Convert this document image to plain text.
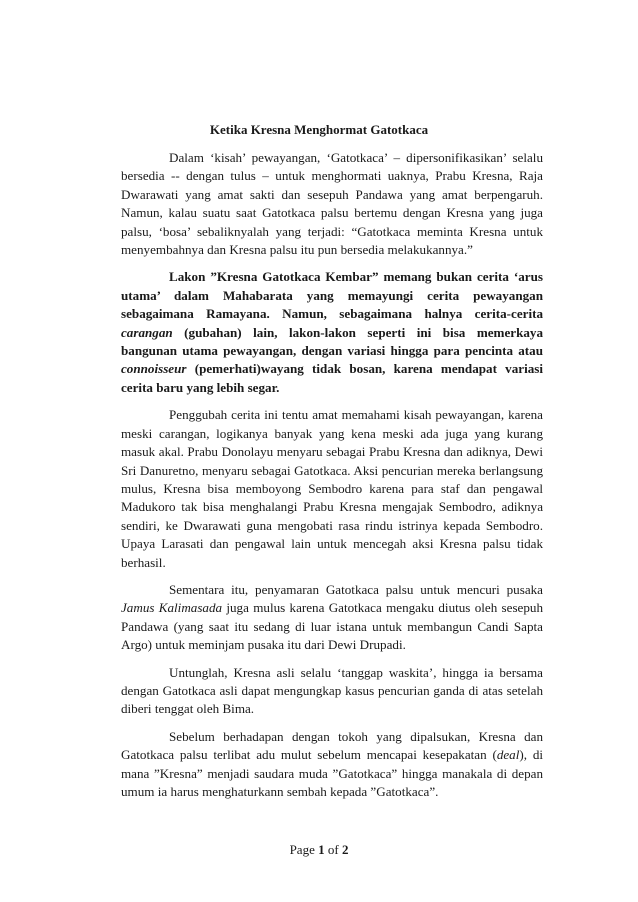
Ketika Kresna Menghormat Gatotkaca

Dalam ‘kisah’ pewayangan, ‘Gatotkaca’ – dipersonifikasikan’ selalu bersedia -- dengan tulus – untuk menghormati uaknya, Prabu Kresna, Raja Dwarawati yang amat sakti dan sesepuh Pandawa yang amat berpengaruh. Namun, kalau suatu saat Gatotkaca palsu bertemu dengan Kresna yang juga palsu, ‘bosa’ sebaliknyalah yang terjadi: “Gatotkaca meminta Kresna untuk menyembahnya dan Kresna palsu itu pun bersedia melakukannya.”

Lakon ”Kresna Gatotkaca Kembar” memang bukan cerita ‘arus utama’ dalam Mahabarata yang memayungi cerita pewayangan sebagaimana Ramayana. Namun, sebagaimana halnya cerita-cerita carangan (gubahan) lain, lakon-lakon seperti ini bisa memerkaya bangunan utama pewayangan, dengan variasi hingga para pencinta atau connoisseur (pemerhati)wayang tidak bosan, karena mendapat variasi cerita baru yang lebih segar.

Penggubah cerita ini tentu amat memahami kisah pewayangan, karena meski carangan, logikanya banyak yang kena meski ada juga yang kurang masuk akal. Prabu Donolayu menyaru sebagai Prabu Kresna dan adiknya, Dewi Sri Danuretno, menyaru sebagai Gatotkaca. Aksi pencurian mereka berlangsung mulus, Kresna bisa memboyong Sembodro karena para staf dan pengawal Madukoro tak bisa menghalangi Prabu Kresna mengajak Sembodro, adiknya sendiri, ke Dwarawati guna mengobati rasa rindu istrinya kepada Sembodro. Upaya Larasati dan pengawal lain untuk mencegah aksi Kresna palsu tidak berhasil.

Sementara itu, penyamaran Gatotkaca palsu untuk mencuri pusaka Jamus Kalimasada juga mulus karena Gatotkaca mengaku diutus oleh sesepuh Pandawa (yang saat itu sedang di luar istana untuk membangun Candi Sapta Argo) untuk meminjam pusaka itu dari Dewi Drupadi.

Untunglah, Kresna asli selalu ‘tanggap waskita’, hingga ia bersama dengan Gatotkaca asli dapat mengungkap kasus pencurian ganda di atas setelah diberi tenggat oleh Bima.

Sebelum berhadapan dengan tokoh yang dipalsukan, Kresna dan Gatotkaca palsu terlibat adu mulut sebelum mencapai kesepakatan (deal), di mana ”Kresna” menjadi saudara muda ”Gatotkaca” hingga manakala di depan umum ia harus menghaturkann sembah kepada ”Gatotkaca”.

Page 1 of 2
